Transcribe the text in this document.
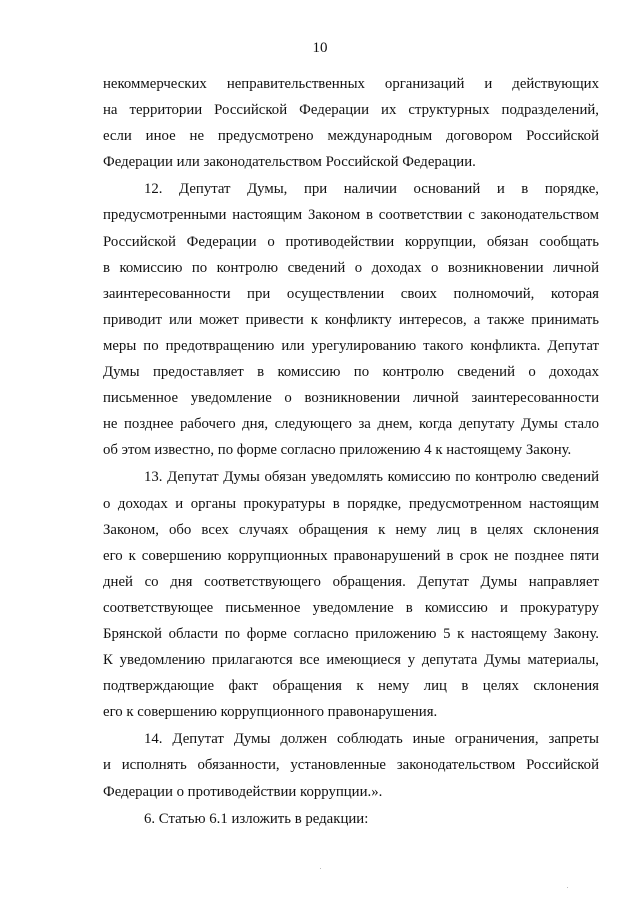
10

некоммерческих неправительственных организаций и действующих
на территории Российской Федерации их структурных подразделений,
если иное не предусмотрено международным договором Российской
Федерации или законодательством Российской Федерации.

12. Депутат Думы, при наличии оснований и в порядке,
предусмотренными настоящим Законом в соответствии с законодательством
Российской Федерации о противодействии коррупции, обязан сообщать
в комиссию по контролю сведений о доходах о возникновении личной
заинтересованности при осуществлении своих полномочий, которая
приводит или может привести к конфликту интересов, а также принимать
меры по предотвращению или урегулированию такого конфликта. Депутат
Думы предоставляет в комиссию по контролю сведений о доходах
письменное уведомление о возникновении личной заинтересованности
не позднее рабочего дня, следующего за днем, когда депутату Думы стало
об этом известно, по форме согласно приложению 4 к настоящему Закону.

13. Депутат Думы обязан уведомлять комиссию по контролю сведений
о доходах и органы прокуратуры в порядке, предусмотренном настоящим
Законом, обо всех случаях обращения к нему лиц в целях склонения
его к совершению коррупционных правонарушений в срок не позднее пяти
дней со дня соответствующего обращения. Депутат Думы направляет
соответствующее письменное уведомление в комиссию и прокуратуру
Брянской области по форме согласно приложению 5 к настоящему Закону.
К уведомлению прилагаются все имеющиеся у депутата Думы материалы,
подтверждающие факт обращения к нему лиц в целях склонения
его к совершению коррупционного правонарушения.

14. Депутат Думы должен соблюдать иные ограничения, запреты
и исполнять обязанности, установленные законодательством Российской
Федерации о противодействии коррупции.».

6. Статью 6.1 изложить в редакции:
